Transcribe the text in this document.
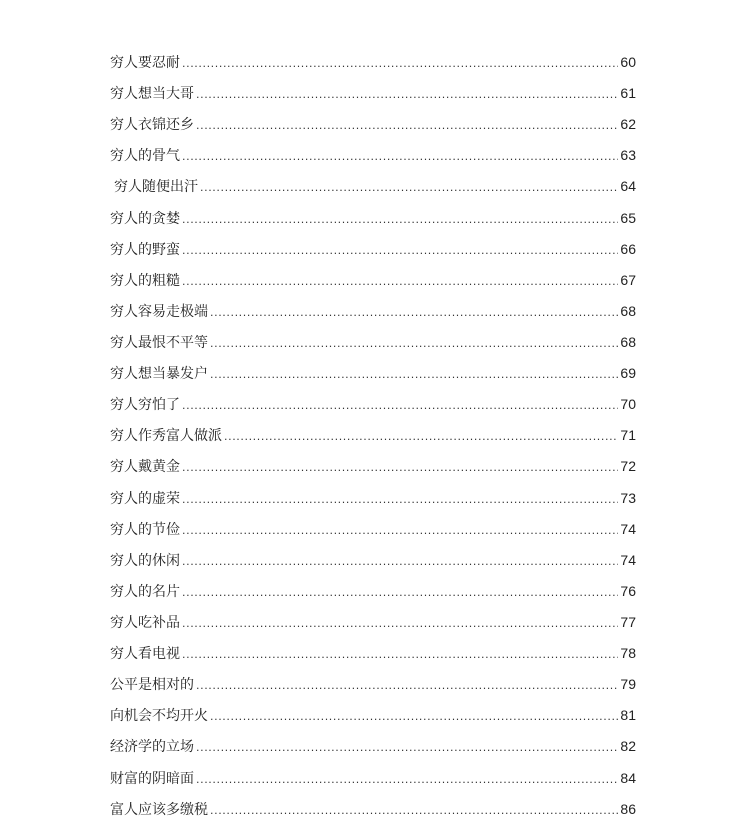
穷人要忍耐 .....	60
穷人想当大哥 .....	61
穷人衣锦还乡 .....	62
穷人的骨气 .....	63
穷人随便出汗 .....	64
穷人的贪婪 .....	65
穷人的野蛮 .....	66
穷人的粗糙 .....	67
穷人容易走极端 .....	68
穷人最恨不平等 .....	68
穷人想当暴发户 .....	69
穷人穷怕了 .....	70
穷人作秀富人做派 .....	71
穷人戴黄金 .....	72
穷人的虚荣 .....	73
穷人的节俭 .....	74
穷人的休闲 .....	74
穷人的名片 .....	76
穷人吃补品 .....	77
穷人看电视 .....	78
公平是相对的 .....	79
向机会不均开火 .....	81
经济学的立场 .....	82
财富的阴暗面 .....	84
富人应该多缴税 .....	86
